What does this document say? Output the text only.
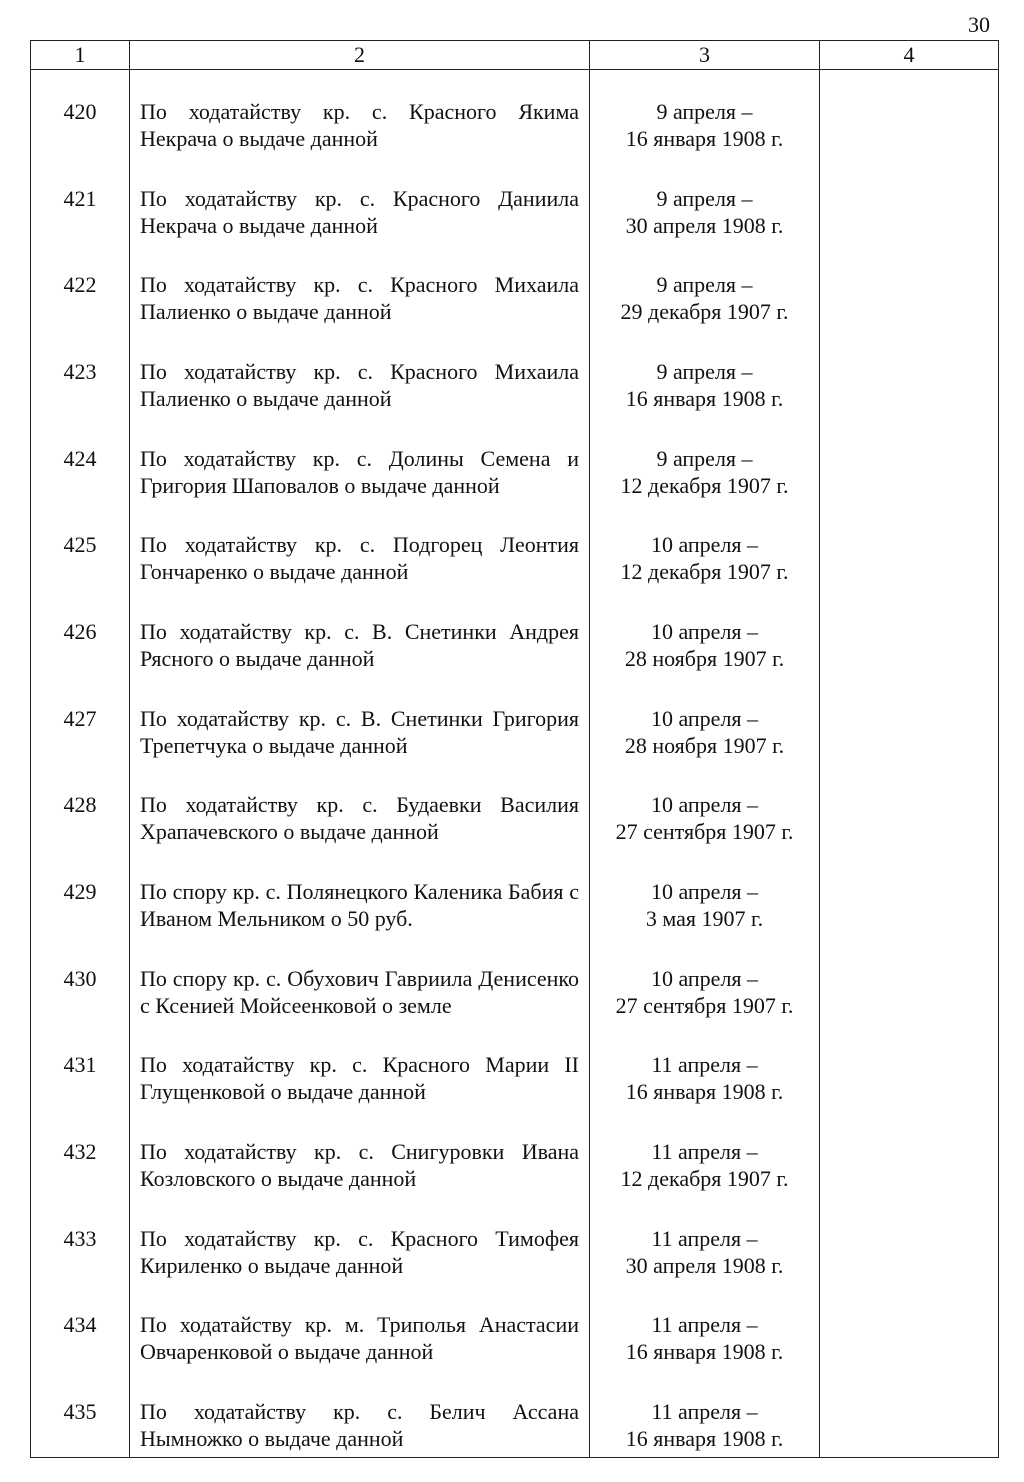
30
1	2	3	4
420	По ходатайству кр. с. Красного Якима Некрача о выдаче данной	9 апреля –
16 января 1908 г.	

421	По ходатайству кр. с. Красного Даниила Некрача о выдаче данной	9 апреля –
30 апреля 1908 г.	

422	По ходатайству кр. с. Красного Михаила Палиенко о выдаче данной	9 апреля –
29 декабря 1907 г.	

423	По ходатайству кр. с. Красного Михаила Палиенко о выдаче данной	9 апреля –
16 января 1908 г.	

424	По ходатайству кр. с. Долины Семена и Григория Шаповалов о выдаче данной	9 апреля –
12 декабря 1907 г.	

425	По ходатайству кр. с. Подгорец Леонтия Гончаренко о выдаче данной	10 апреля –
12 декабря 1907 г.	

426	По ходатайству кр. с. В. Снетинки Андрея Рясного о выдаче данной	10 апреля –
28 ноября 1907 г.	

427	По ходатайству кр. с. В. Снетинки Григория Трепетчука о выдаче данной	10 апреля –
28 ноября 1907 г.	

428	По ходатайству кр. с. Будаевки Василия Храпачевского о выдаче данной	10 апреля –
27 сентября 1907 г.	

429	По спору кр. с. Полянецкого Каленика Бабия с Иваном Мельником о 50 руб.	10 апреля –
3 мая 1907 г.	

430	По спору кр. с. Обухович Гавриила Денисенко с Ксенией Мойсеенковой о земле	10 апреля –
27 сентября 1907 г.	

431	По ходатайству кр. с. Красного Марии II Глущенковой о выдаче данной	11 апреля –
16 января 1908 г.	

432	По ходатайству кр. с. Снигуровки Ивана Козловского о выдаче данной	11 апреля –
12 декабря 1907 г.	

433	По ходатайству кр. с. Красного Тимофея Кириленко о выдаче данной	11 апреля –
30 апреля 1908 г.	

434	По ходатайству кр. м. Триполья Анастасии Овчаренковой о выдаче данной	11 апреля –
16 января 1908 г.	

435	По ходатайству кр. с. Белич Ассана Нымножко о выдаче данной	11 апреля –
16 января 1908 г.	
